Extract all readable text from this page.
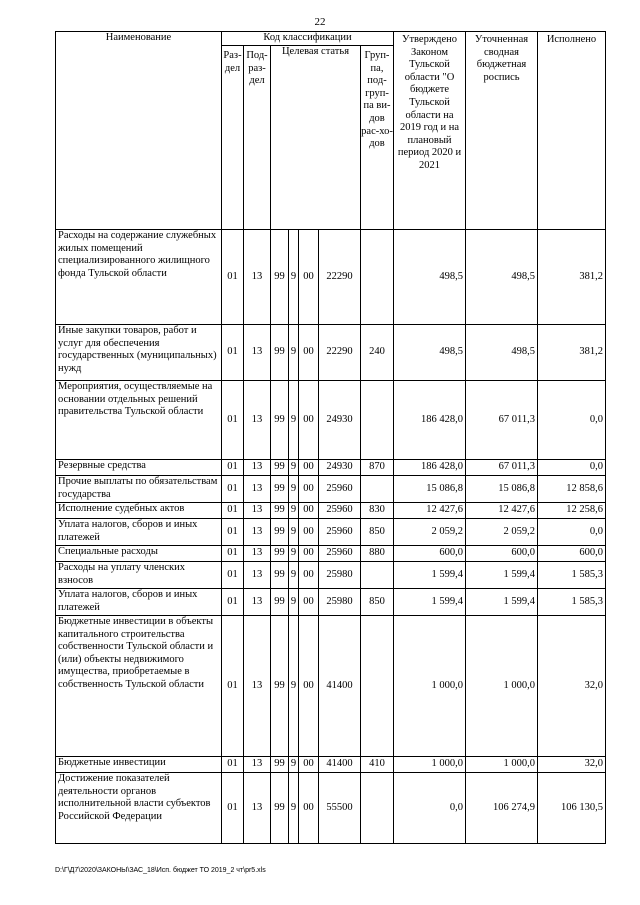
22
Наименование	Код классификации							Утверждено Законом Тульской области "О бюджете Тульской области на 2019 год и на плановый период 2020 и 2021	Уточненная сводная бюджетная роспись	Исполнено
	Раз-дел	Под-раз-дел	Целевая статья				Груп-па, под-груп-па ви-дов рас-хо-дов			
Расходы на содержание служебных жилых помещений специализированного жилищного фонда Тульской области	01	13	99	9	00	22290		498,5	498,5	381,2
Иные закупки товаров, работ и услуг для обеспечения государственных (муниципальных) нужд	01	13	99	9	00	22290	240	498,5	498,5	381,2
Мероприятия, осуществляемые на основании отдельных решений правительства Тульской области	01	13	99	9	00	24930		186 428,0	67 011,3	0,0
Резервные средства	01	13	99	9	00	24930	870	186 428,0	67 011,3	0,0
Прочие выплаты по обязательствам государства	01	13	99	9	00	25960		15 086,8	15 086,8	12 858,6
Исполнение судебных актов	01	13	99	9	00	25960	830	12 427,6	12 427,6	12 258,6
Уплата налогов, сборов и иных платежей	01	13	99	9	00	25960	850	2 059,2	2 059,2	0,0
Специальные расходы	01	13	99	9	00	25960	880	600,0	600,0	600,0
Расходы на уплату членских взносов	01	13	99	9	00	25980		1 599,4	1 599,4	1 585,3
Уплата налогов, сборов и иных платежей	01	13	99	9	00	25980	850	1 599,4	1 599,4	1 585,3
Бюджетные инвестиции в объекты капитального строительства собственности Тульской области и (или) объекты недвижимого имущества, приобретаемые в собственность Тульской области	01	13	99	9	00	41400		1 000,0	1 000,0	32,0
Бюджетные инвестиции	01	13	99	9	00	41400	410	1 000,0	1 000,0	32,0
Достижение показателей деятельности органов исполнительной власти субъектов Российской Федерации	01	13	99	9	00	55500		0,0	106 274,9	106 130,5
D:\Г\Д7\2020\ЗАКОНЫ\ЗАС_18\Исп. бюджет ТО 2019_2 чт\pr5.xls
